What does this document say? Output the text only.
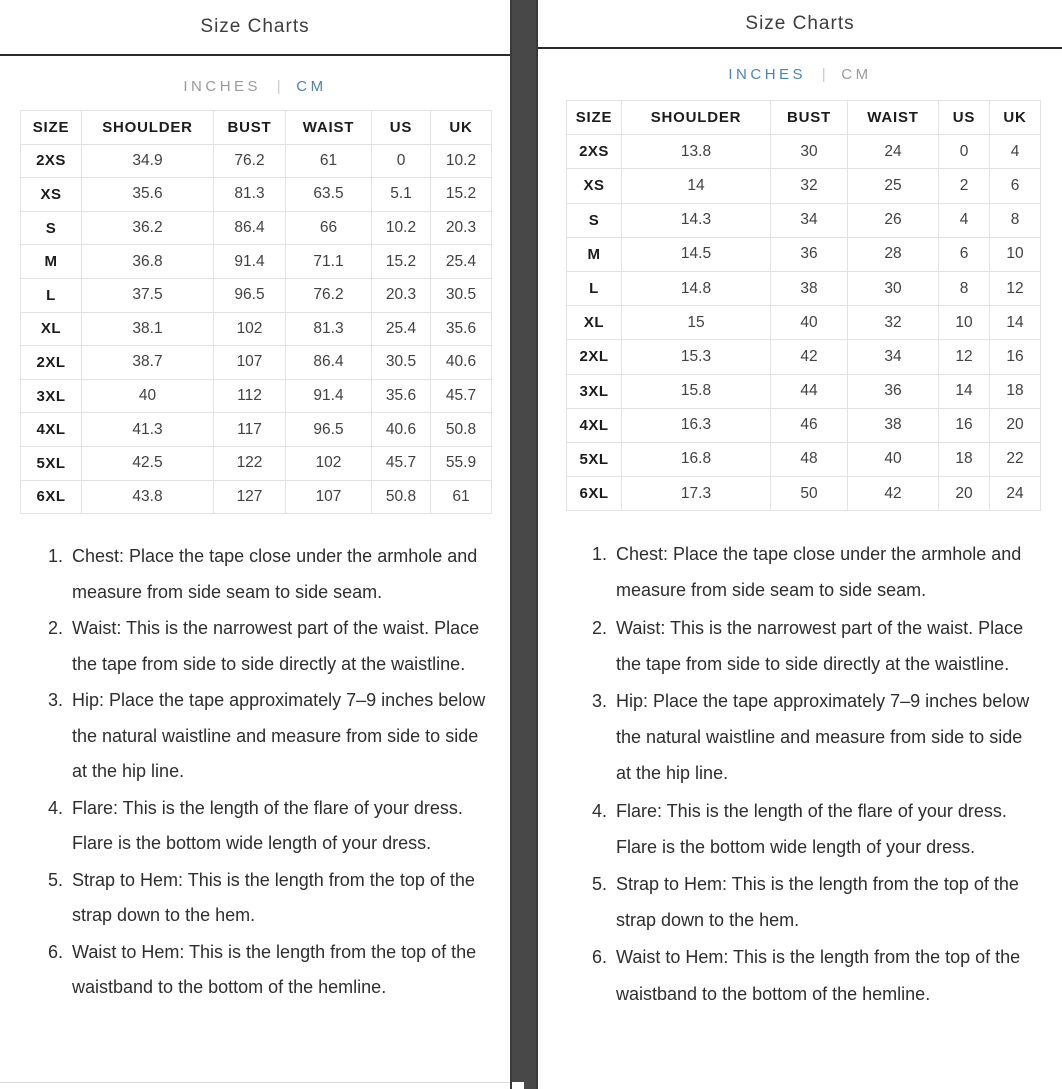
Size Charts
INCHES | CM
SIZE	SHOULDER	BUST	WAIST	US	UK
2XS	34.9	76.2	61	0	10.2
XS	35.6	81.3	63.5	5.1	15.2
S	36.2	86.4	66	10.2	20.3
M	36.8	91.4	71.1	15.2	25.4
L	37.5	96.5	76.2	20.3	30.5
XL	38.1	102	81.3	25.4	35.6
2XL	38.7	107	86.4	30.5	40.6
3XL	40	112	91.4	35.6	45.7
4XL	41.3	117	96.5	40.6	50.8
5XL	42.5	122	102	45.7	55.9
6XL	43.8	127	107	50.8	61
1. Chest: Place the tape close under the armhole and measure from side seam to side seam.
2. Waist: This is the narrowest part of the waist. Place the tape from side to side directly at the waistline.
3. Hip: Place the tape approximately 7–9 inches below the natural waistline and measure from side to side at the hip line.
4. Flare: This is the length of the flare of your dress. Flare is the bottom wide length of your dress.
5. Strap to Hem: This is the length from the top of the strap down to the hem.
6. Waist to Hem: This is the length from the top of the waistband to the bottom of the hemline.
Size Charts
INCHES | CM
SIZE	SHOULDER	BUST	WAIST	US	UK
2XS	13.8	30	24	0	4
XS	14	32	25	2	6
S	14.3	34	26	4	8
M	14.5	36	28	6	10
L	14.8	38	30	8	12
XL	15	40	32	10	14
2XL	15.3	42	34	12	16
3XL	15.8	44	36	14	18
4XL	16.3	46	38	16	20
5XL	16.8	48	40	18	22
6XL	17.3	50	42	20	24
1. Chest: Place the tape close under the armhole and measure from side seam to side seam.
2. Waist: This is the narrowest part of the waist. Place the tape from side to side directly at the waistline.
3. Hip: Place the tape approximately 7–9 inches below the natural waistline and measure from side to side at the hip line.
4. Flare: This is the length of the flare of your dress. Flare is the bottom wide length of your dress.
5. Strap to Hem: This is the length from the top of the strap down to the hem.
6. Waist to Hem: This is the length from the top of the waistband to the bottom of the hemline.
